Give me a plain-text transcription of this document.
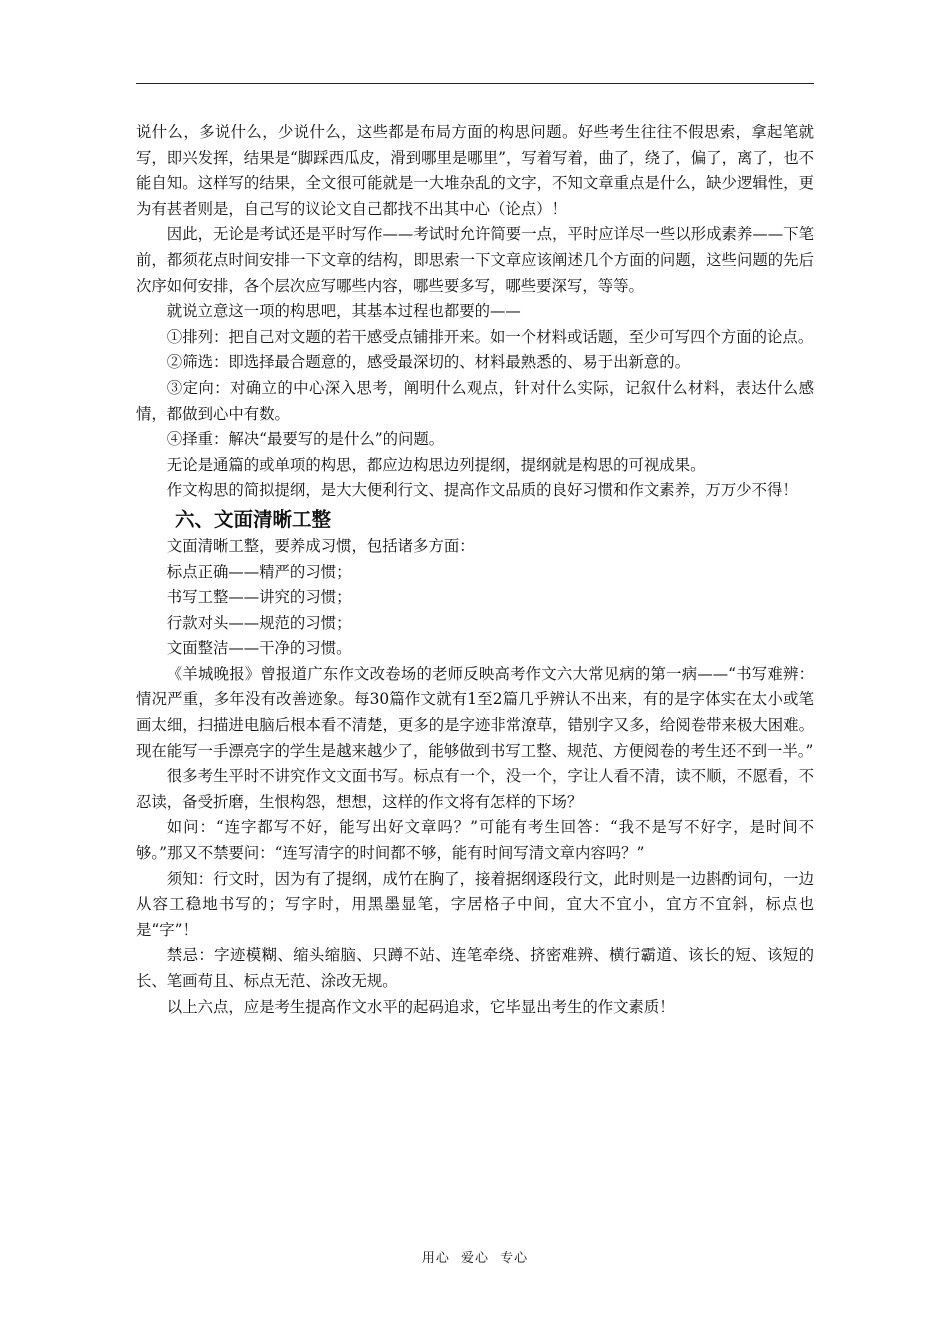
说什么，多说什么，少说什么，这些都是布局方面的构思问题。好些考生往往不假思索，拿起笔就写，即兴发挥，结果是“脚踩西瓜皮，滑到哪里是哪里”，写着写着，曲了，绕了，偏了，离了，也不能自知。这样写的结果，全文很可能就是一大堆杂乱的文字，不知文章重点是什么，缺少逻辑性，更为有甚者则是，自己写的议论文自己都找不出其中心（论点）！

因此，无论是考试还是平时写作——考试时允许简要一点，平时应详尽一些以形成素养——下笔前，都须花点时间安排一下文章的结构，即思索一下文章应该阐述几个方面的问题，这些问题的先后次序如何安排，各个层次应写哪些内容，哪些要多写，哪些要深写，等等。

就说立意这一项的构思吧，其基本过程也都要的——

①排列：把自己对文题的若干感受点铺排开来。如一个材料或话题，至少可写四个方面的论点。

②筛选：即选择最合题意的，感受最深切的、材料最熟悉的、易于出新意的。

③定向：对确立的中心深入思考，阐明什么观点，针对什么实际，记叙什么材料，表达什么感情，都做到心中有数。

④择重：解决“最要写的是什么”的问题。

无论是通篇的或单项的构思，都应边构思边列提纲，提纲就是构思的可视成果。

作文构思的简拟提纲，是大大便利行文、提高作文品质的良好习惯和作文素养，万万少不得！

六、文面清晰工整

文面清晰工整，要养成习惯，包括诸多方面：

标点正确——精严的习惯；

书写工整——讲究的习惯；

行款对头——规范的习惯；

文面整洁——干净的习惯。

《羊城晚报》曾报道广东作文改卷场的老师反映高考作文六大常见病的第一病——“书写难辨：情况严重，多年没有改善迹象。每30篇作文就有1至2篇几乎辨认不出来，有的是字体实在太小或笔画太细，扫描进电脑后根本看不清楚，更多的是字迹非常潦草，错别字又多，给阅卷带来极大困难。现在能写一手漂亮字的学生是越来越少了，能够做到书写工整、规范、方便阅卷的考生还不到一半。”

很多考生平时不讲究作文文面书写。标点有一个，没一个，字让人看不清，读不顺，不愿看，不忍读，备受折磨，生恨构怨，想想，这样的作文将有怎样的下场？

如问：“连字都写不好，能写出好文章吗？”可能有考生回答：“我不是写不好字，是时间不够。”那又不禁要问：“连写清字的时间都不够，能有时间写清文章内容吗？”

须知：行文时，因为有了提纲，成竹在胸了，接着据纲逐段行文，此时则是一边斟酌词句，一边从容工稳地书写的；写字时，用黑墨显笔，字居格子中间，宜大不宜小，宜方不宜斜，标点也是“字”！

禁忌：字迹模糊、缩头缩脑、只蹲不站、连笔牵绕、挤密难辨、横行霸道、该长的短、该短的长、笔画苟且、标点无范、涂改无规。

以上六点，应是考生提高作文水平的起码追求，它毕显出考生的作文素质！

用心 爱心 专心
